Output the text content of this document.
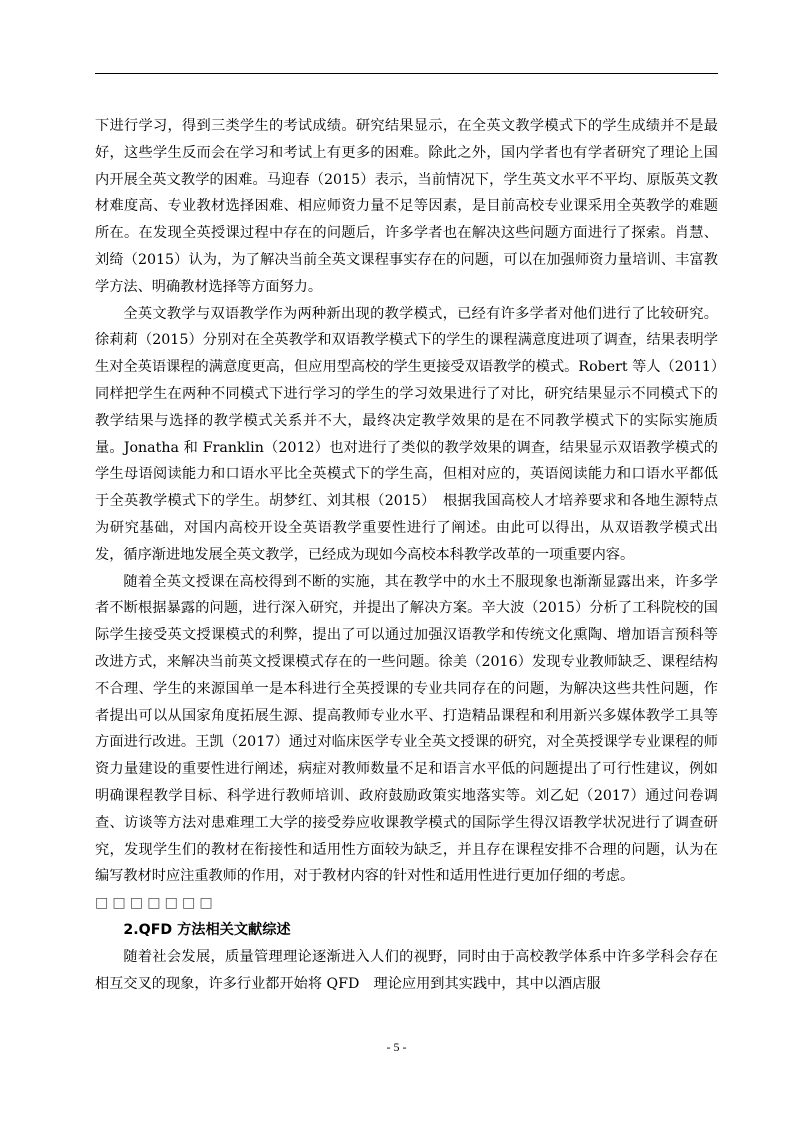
下进行学习，得到三类学生的考试成绩。研究结果显示，在全英文教学模式下的学生成绩并不是最好，这些学生反而会在学习和考试上有更多的困难。除此之外，国内学者也有学者研究了理论上国内开展全英文教学的困难。马迎春（2015）表示，当前情况下，学生英文水平不平均、原版英文教材难度高、专业教材选择困难、相应师资力量不足等因素，是目前高校专业课采用全英教学的难题所在。在发现全英授课过程中存在的问题后，许多学者也在解决这些问题方面进行了探索。肖慧、刘绮（2015）认为，为了解决当前全英文课程事实存在的问题，可以在加强师资力量培训、丰富教学方法、明确教材选择等方面努力。

全英文教学与双语教学作为两种新出现的教学模式，已经有许多学者对他们进行了比较研究。徐莉莉（2015）分别对在全英教学和双语教学模式下的学生的课程满意度进项了调查，结果表明学生对全英语课程的满意度更高，但应用型高校的学生更接受双语教学的模式。Robert 等人（2011）同样把学生在两种不同模式下进行学习的学生的学习效果进行了对比，研究结果显示不同模式下的教学结果与选择的教学模式关系并不大，最终决定教学效果的是在不同教学模式下的实际实施质量。Jonatha 和 Franklin（2012）也对进行了类似的教学效果的调查，结果显示双语教学模式的学生母语阅读能力和口语水平比全英模式下的学生高，但相对应的，英语阅读能力和口语水平都低于全英教学模式下的学生。胡梦红、刘其根（2015）　根据我国高校人才培养要求和各地生源特点为研究基础，对国内高校开设全英语教学重要性进行了阐述。由此可以得出，从双语教学模式出发，循序渐进地发展全英文教学，已经成为现如今高校本科教学改革的一项重要内容。

随着全英文授课在高校得到不断的实施，其在教学中的水土不服现象也渐渐显露出来，许多学者不断根据暴露的问题，进行深入研究，并提出了解决方案。辛大波（2015）分析了工科院校的国际学生接受英文授课模式的利弊，提出了可以通过加强汉语教学和传统文化熏陶、增加语言预科等改进方式，来解决当前英文授课模式存在的一些问题。徐美（2016）发现专业教师缺乏、课程结构不合理、学生的来源国单一是本科进行全英授课的专业共同存在的问题，为解决这些共性问题，作者提出可以从国家角度拓展生源、提高教师专业水平、打造精品课程和利用新兴多媒体教学工具等方面进行改进。王凯（2017）通过对临床医学专业全英文授课的研究，对全英授课学专业课程的师资力量建设的重要性进行阐述，病症对教师数量不足和语言水平低的问题提出了可行性建议，例如明确课程教学目标、科学进行教师培训、政府鼓励政策实地落实等。刘乙妃（2017）通过问卷调查、访谈等方法对患难理工大学的接受券应收课教学模式的国际学生得汉语教学状况进行了调查研究，发现学生们的教材在衔接性和适用性方面较为缺乏，并且存在课程安排不合理的问题，认为在编写教材时应注重教师的作用，对于教材内容的针对性和适用性进行更加仔细的考虑。

□□□□□□□

2.QFD 方法相关文献综述

随着社会发展，质量管理理论逐渐进入人们的视野，同时由于高校教学体系中许多学科会存在相互交叉的现象，许多行业都开始将 QFD　理论应用到其实践中，其中以酒店服

- 5 -
